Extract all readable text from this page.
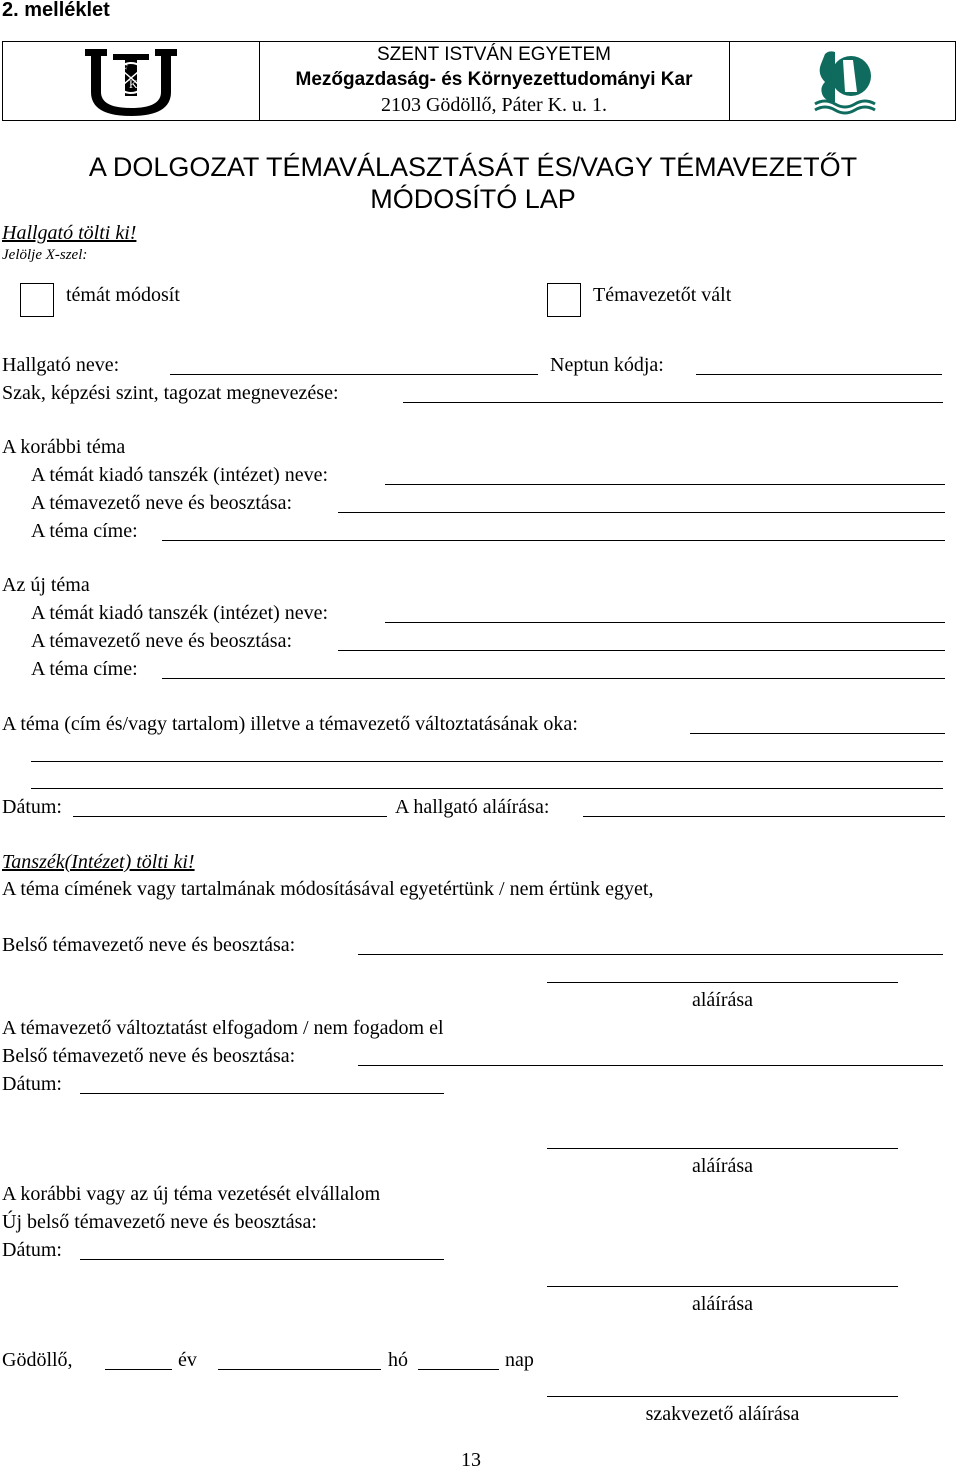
2. melléklet
F
K
SZENT ISTVÁN EGYETEM
Mezőgazdaság- és Környezettudományi Kar
2103 Gödöllő, Páter K. u. 1.
A DOLGOZAT TÉMAVÁLASZTÁSÁT ÉS/VAGY TÉMAVEZETŐT
MÓDOSÍTÓ LAP
Hallgató tölti ki!
Jelölje X-szel:
témát módosít	Témavezetőt vált
Hallgató neve:	Neptun kódja:
Szak, képzési szint, tagozat megnevezése:
A korábbi téma
A témát kiadó tanszék (intézet) neve:
A témavezető neve és beosztása:
A téma címe:
Az új téma
A témát kiadó tanszék (intézet) neve:
A témavezető neve és beosztása:
A téma címe:
A téma (cím és/vagy tartalom) illetve a témavezető változtatásának oka:
Dátum:	A hallgató aláírása:
Tanszék(Intézet) tölti ki!
A téma címének vagy tartalmának módosításával egyetértünk / nem értünk egyet,
Belső témavezető neve és beosztása:
aláírása
A témavezető változtatást elfogadom / nem fogadom el
Belső témavezető neve és beosztása:
Dátum:
aláírása
A korábbi vagy az új téma vezetését elvállalom
Új belső témavezető neve és beosztása:
Dátum:
aláírása
Gödöllő,	év	hó	nap
szakvezető aláírása
13
